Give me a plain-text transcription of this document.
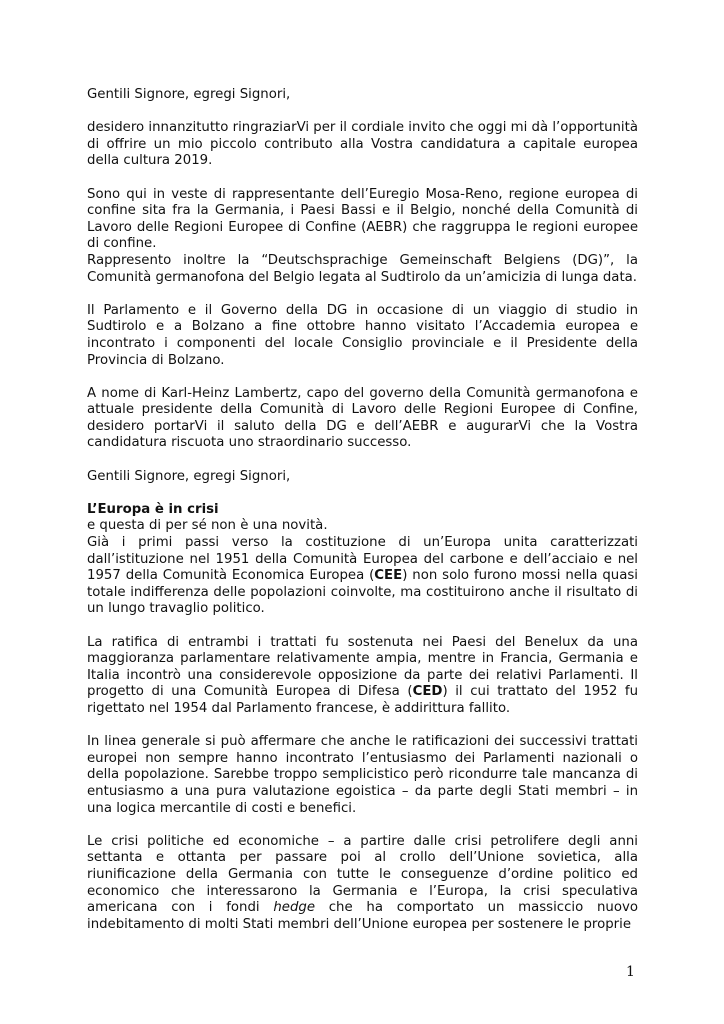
Gentili Signore, egregi Signori,

desidero innanzitutto ringraziarVi per il cordiale invito che oggi mi dà l’opportunità di offrire un mio piccolo contributo alla Vostra candidatura a capitale europea della cultura 2019.

Sono qui in veste di rappresentante dell’Euregio Mosa-Reno, regione europea di confine sita fra la Germania, i Paesi Bassi e il Belgio, nonché della Comunità di Lavoro delle Regioni Europee di Confine (AEBR) che raggruppa le regioni europee di confine.

Rappresento inoltre la “Deutschsprachige Gemeinschaft Belgiens (DG)”, la Comunità germanofona del Belgio legata al Sudtirolo da un’amicizia di lunga data.

Il Parlamento e il Governo della DG in occasione di un viaggio di studio in Sudtirolo e a Bolzano a fine ottobre hanno visitato l’Accademia europea e incontrato i componenti del locale Consiglio provinciale e il Presidente della Provincia di Bolzano.

A nome di Karl-Heinz Lambertz, capo del governo della Comunità germanofona e attuale presidente della Comunità di Lavoro delle Regioni Europee di Confine, desidero portarVi il saluto della DG e dell’AEBR e augurarVi che la Vostra candidatura riscuota uno straordinario successo.

Gentili Signore, egregi Signori,

L’Europa è in crisi

e questa di per sé non è una novità.

Già i primi passi verso la costituzione di un’Europa unita caratterizzati dall’istituzione nel 1951 della Comunità Europea del carbone e dell’acciaio e nel 1957 della Comunità Economica Europea (CEE) non solo furono mossi nella quasi totale indifferenza delle popolazioni coinvolte, ma costituirono anche il risultato di un lungo travaglio politico.

La ratifica di entrambi i trattati fu sostenuta nei Paesi del Benelux da una maggioranza parlamentare relativamente ampia, mentre in Francia, Germania e Italia incontrò una considerevole opposizione da parte dei relativi Parlamenti. Il progetto di una Comunità Europea di Difesa (CED) il cui trattato del 1952 fu rigettato nel 1954 dal Parlamento francese, è addirittura fallito.

In linea generale si può affermare che anche le ratificazioni dei successivi trattati europei non sempre hanno incontrato l’entusiasmo dei Parlamenti nazionali o della popolazione. Sarebbe troppo semplicistico però ricondurre tale mancanza di entusiasmo a una pura valutazione egoistica – da parte degli Stati membri – in una logica mercantile di costi e benefici.

Le crisi politiche ed economiche – a partire dalle crisi petrolifere degli anni settanta e ottanta per passare poi al crollo dell’Unione sovietica, alla riunificazione della Germania con tutte le conseguenze d’ordine politico ed economico che interessarono la Germania e l’Europa, la crisi speculativa americana con i fondi hedge che ha comportato un massiccio nuovo indebitamento di molti Stati membri dell’Unione europea per sostenere le proprie

1
